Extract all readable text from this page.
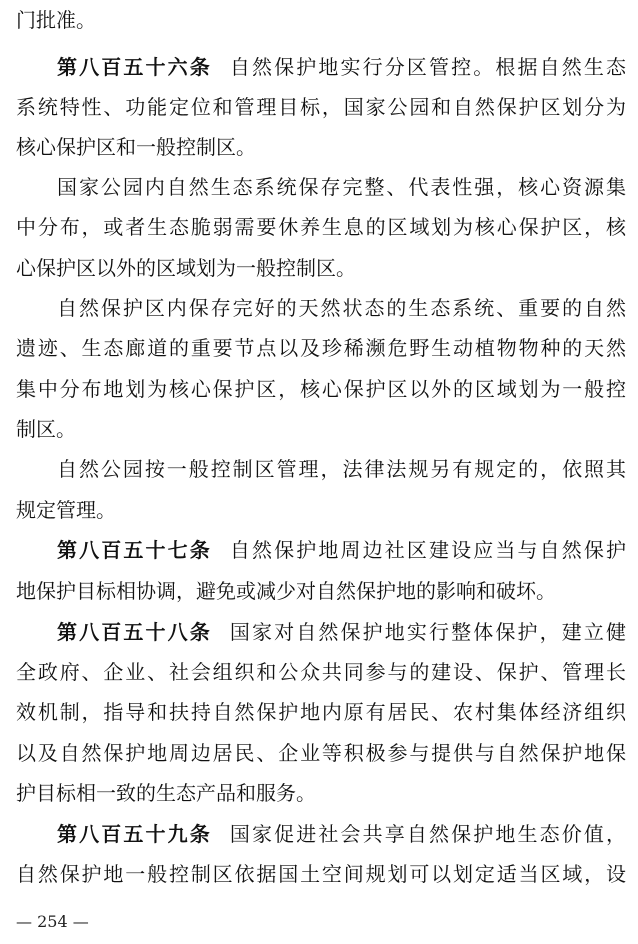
门批准。
第八百五十六条 自然保护地实行分区管控。根据自然生态
系统特性、功能定位和管理目标，国家公园和自然保护区划分为
核心保护区和一般控制区。
国家公园内自然生态系统保存完整、代表性强，核心资源集
中分布，或者生态脆弱需要休养生息的区域划为核心保护区，核
心保护区以外的区域划为一般控制区。
自然保护区内保存完好的天然状态的生态系统、重要的自然
遗迹、生态廊道的重要节点以及珍稀濒危野生动植物物种的天然
集中分布地划为核心保护区，核心保护区以外的区域划为一般控
制区。
自然公园按一般控制区管理，法律法规另有规定的，依照其
规定管理。
第八百五十七条 自然保护地周边社区建设应当与自然保护
地保护目标相协调，避免或减少对自然保护地的影响和破坏。
第八百五十八条 国家对自然保护地实行整体保护，建立健
全政府、企业、社会组织和公众共同参与的建设、保护、管理长
效机制，指导和扶持自然保护地内原有居民、农村集体经济组织
以及自然保护地周边居民、企业等积极参与提供与自然保护地保
护目标相一致的生态产品和服务。
第八百五十九条 国家促进社会共享自然保护地生态价值，
自然保护地一般控制区依据国土空间规划可以划定适当区域，设
— 254 —
